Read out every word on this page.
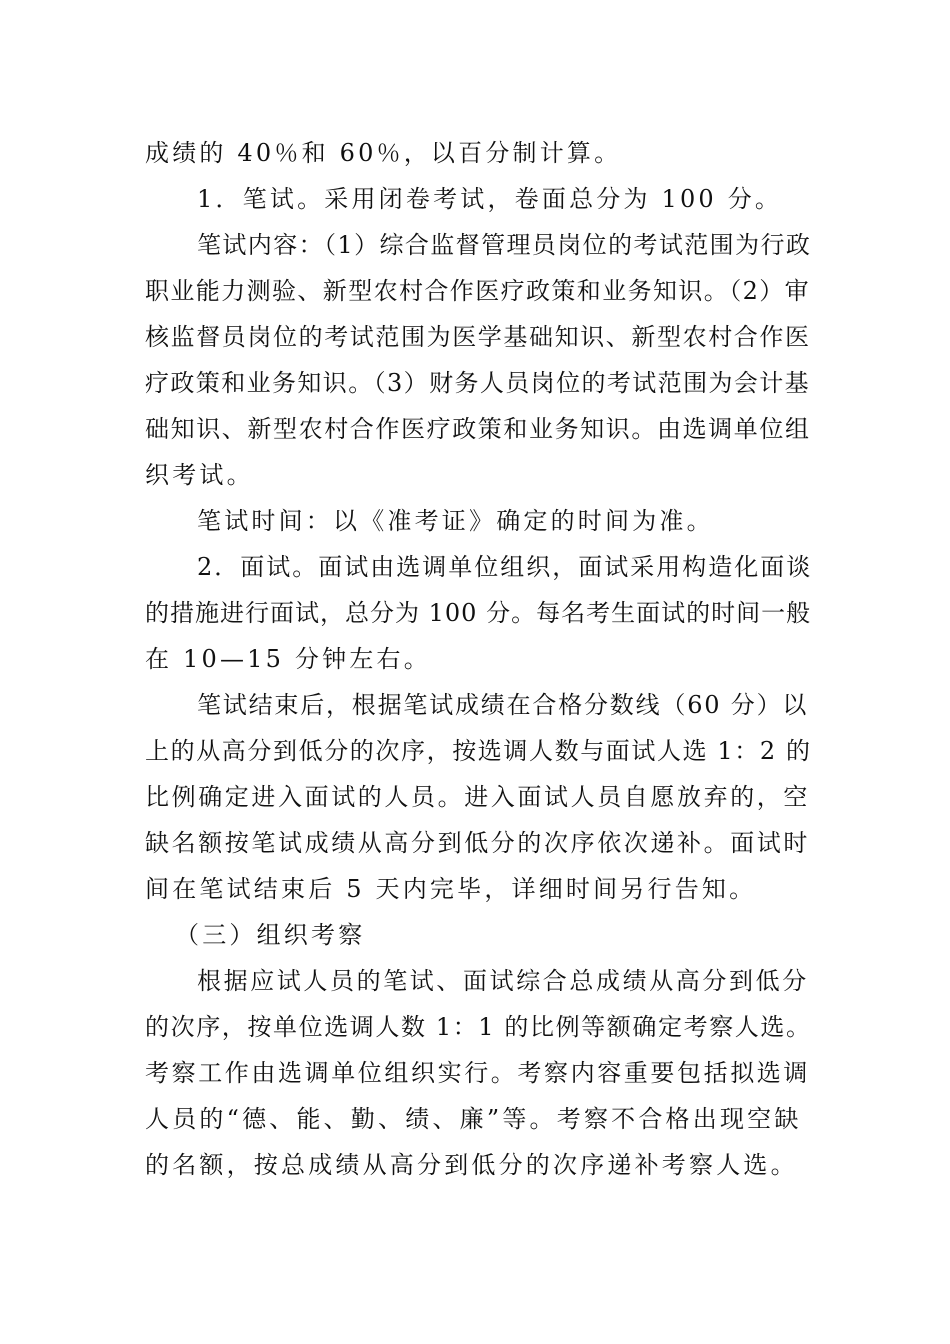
成绩的 40％和 60％，以百分制计算。
1．笔试。采用闭卷考试，卷面总分为 100 分。
笔试内容：（1）综合监督管理员岗位的考试范围为行政
职业能力测验、新型农村合作医疗政策和业务知识。（2）审
核监督员岗位的考试范围为医学基础知识、新型农村合作医
疗政策和业务知识。（3）财务人员岗位的考试范围为会计基
础知识、新型农村合作医疗政策和业务知识。由选调单位组
织考试。
笔试时间：以《准考证》确定的时间为准。
2．面试。面试由选调单位组织，面试采用构造化面谈
的措施进行面试，总分为 100 分。每名考生面试的时间一般
在 10—15 分钟左右。
笔试结束后，根据笔试成绩在合格分数线（60 分）以
上的从高分到低分的次序，按选调人数与面试人选 1：2 的
比例确定进入面试的人员。进入面试人员自愿放弃的，空
缺名额按笔试成绩从高分到低分的次序依次递补。面试时
间在笔试结束后 5 天内完毕，详细时间另行告知。
（三）组织考察
根据应试人员的笔试、面试综合总成绩从高分到低分
的次序，按单位选调人数 1：1 的比例等额确定考察人选。
考察工作由选调单位组织实行。考察内容重要包括拟选调
人员的“德、能、勤、绩、廉”等。考察不合格出现空缺
的名额，按总成绩从高分到低分的次序递补考察人选。
